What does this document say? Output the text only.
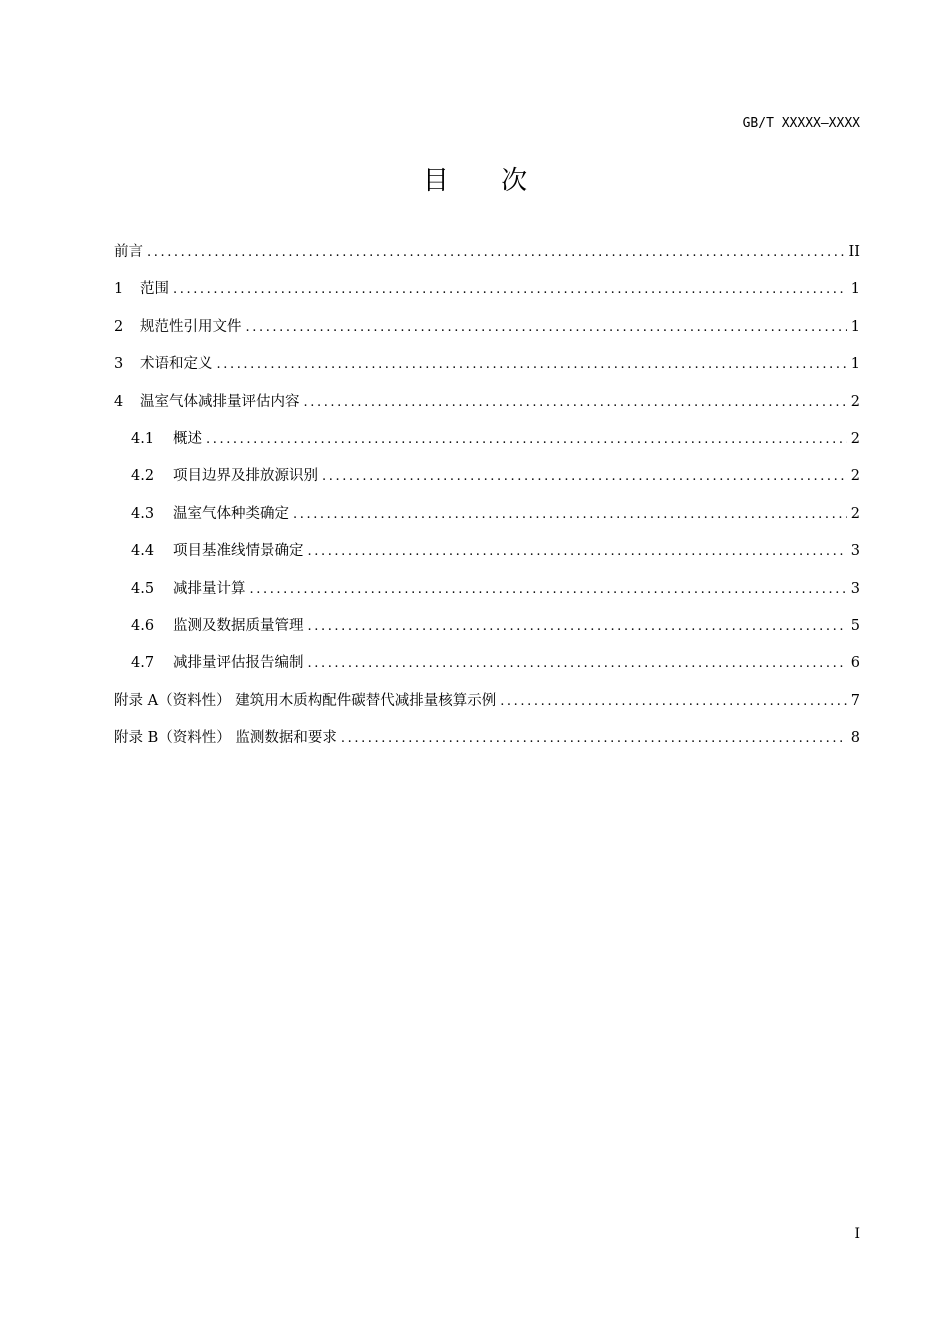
GB/T XXXXX—XXXX
目 次
前言 .....	II
1	范围 .....	1
2	规范性引用文件 .....	1
3	术语和定义 .....	1
4	温室气体减排量评估内容 .....	2
4.1	概述 .....	2
4.2	项目边界及排放源识别 .....	2
4.3	温室气体种类确定 .....	2
4.4	项目基准线情景确定 .....	3
4.5	减排量计算 .....	3
4.6	监测及数据质量管理 .....	5
4.7	减排量评估报告编制 .....	6
附录 A（资料性） 建筑用木质构配件碳替代减排量核算示例 .....	7
附录 B（资料性） 监测数据和要求 .....	8
I
